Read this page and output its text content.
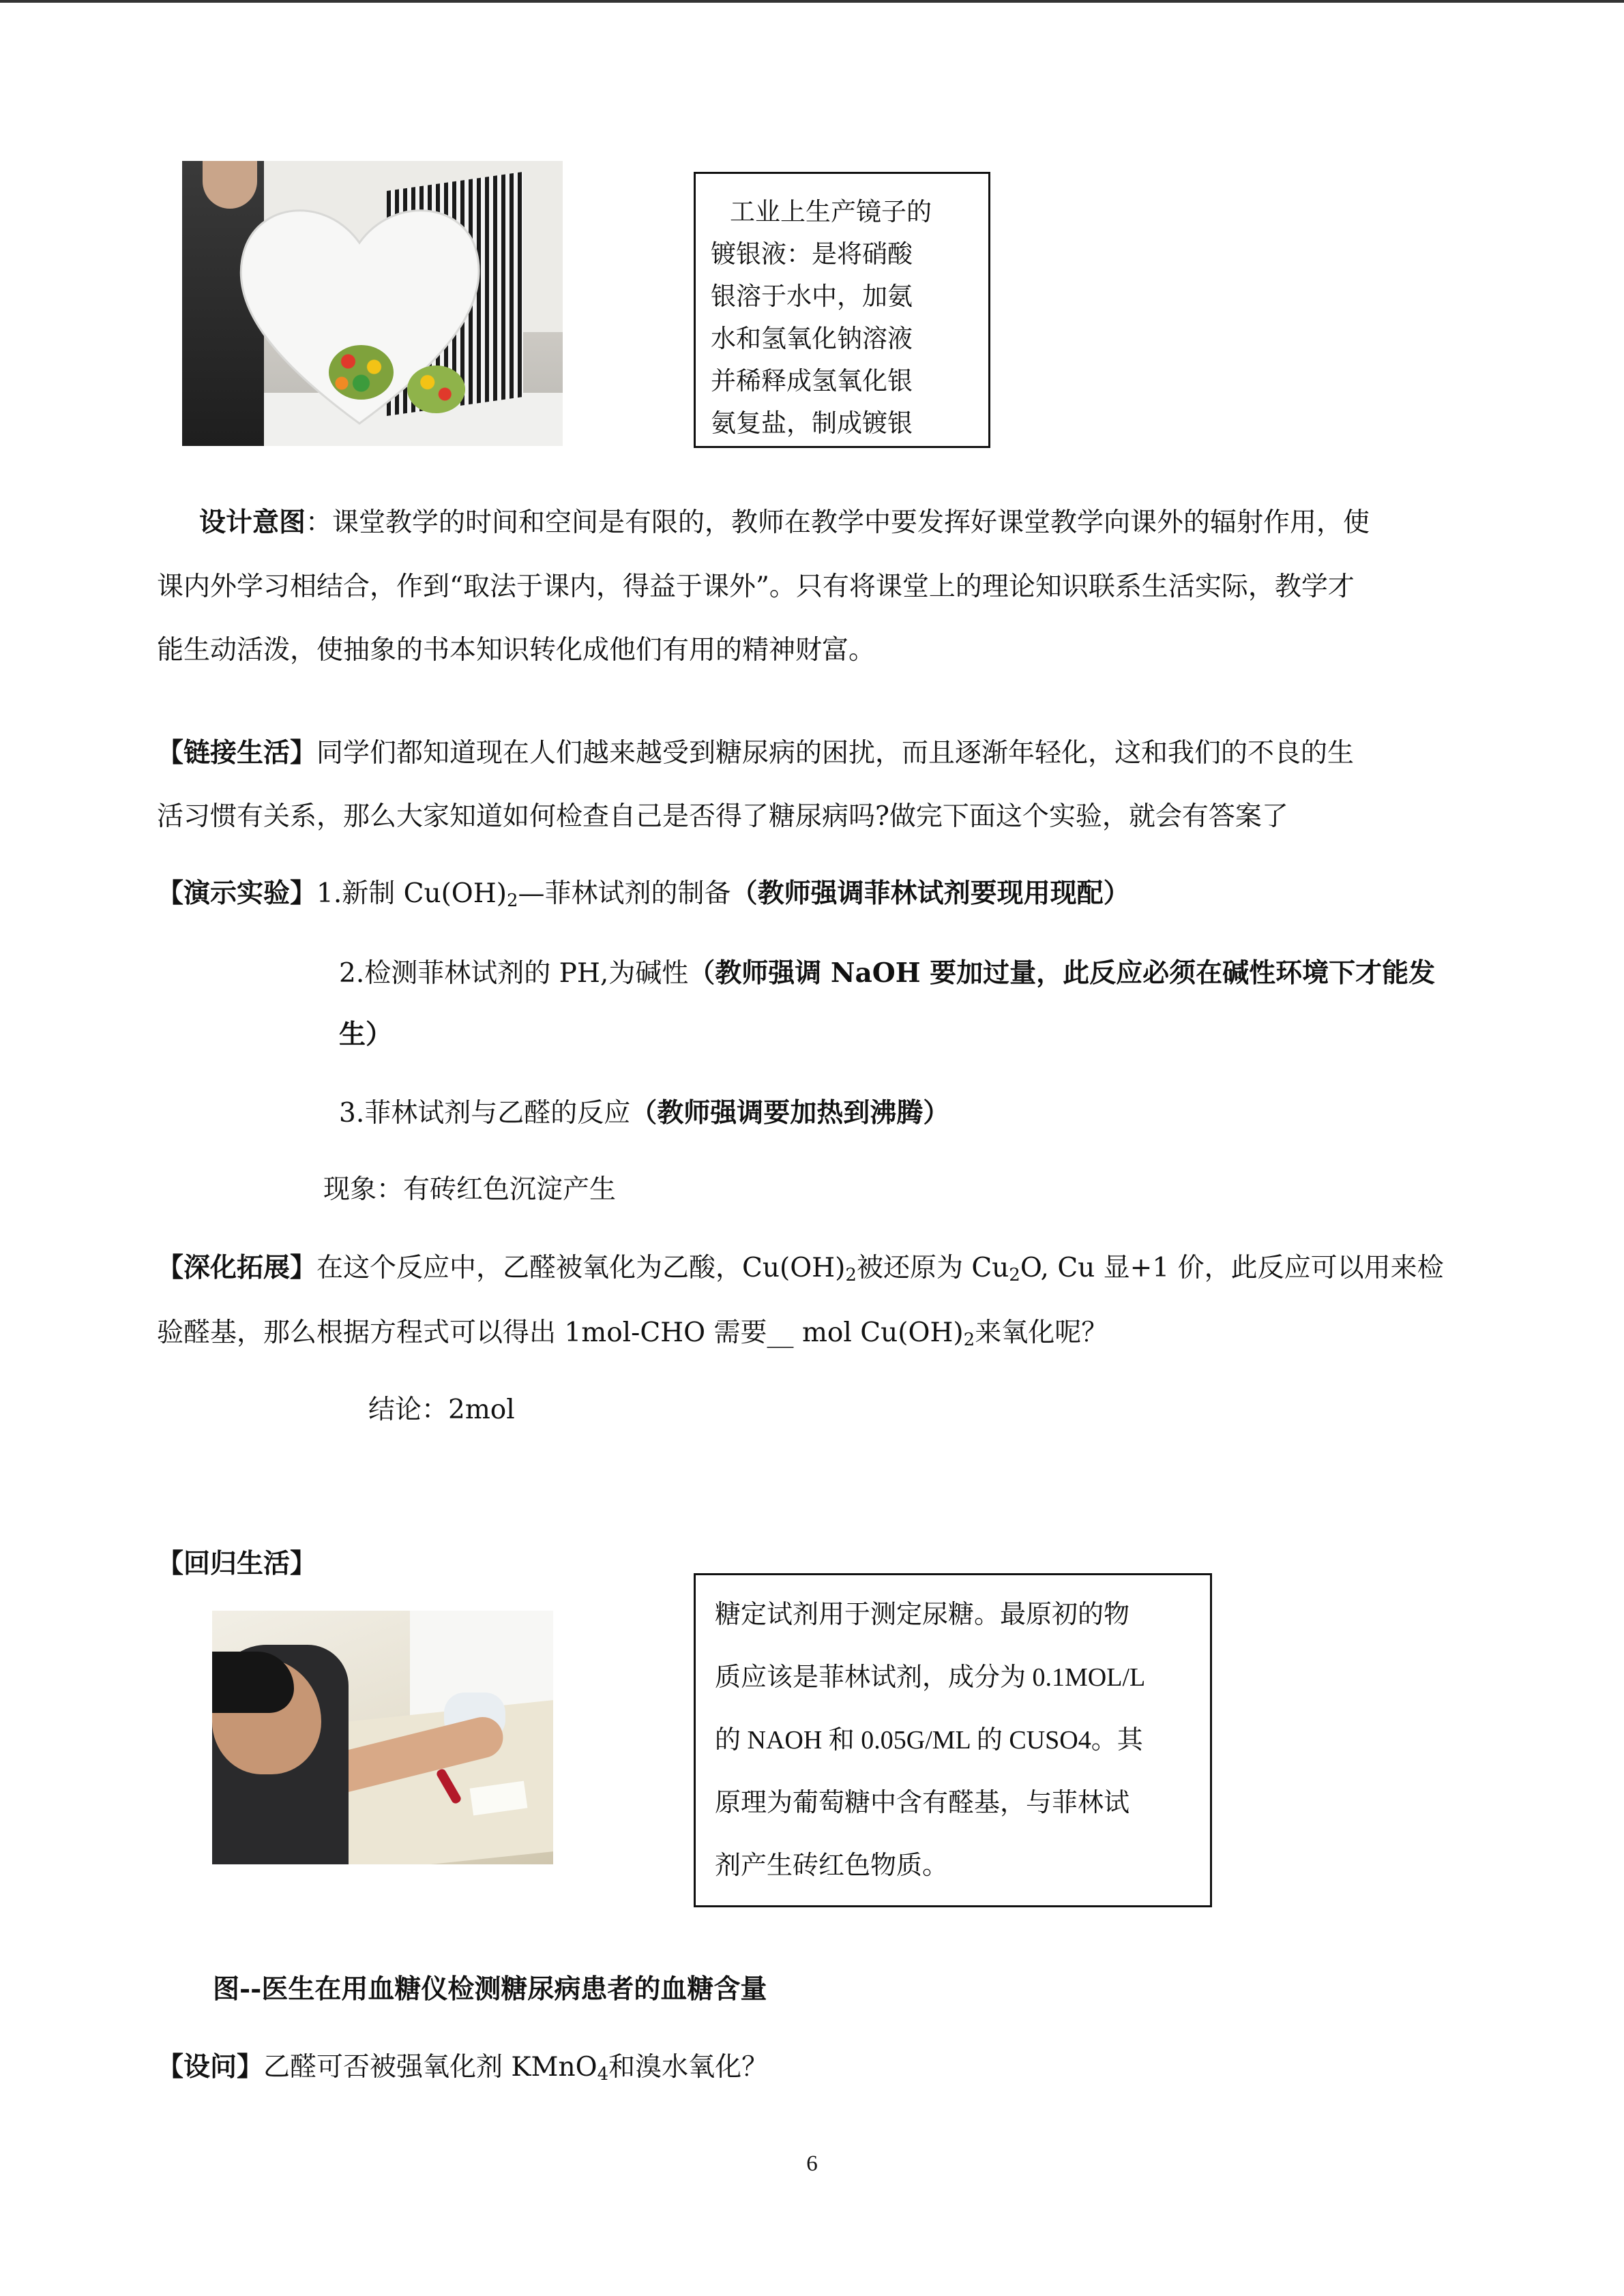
工业上生产镜子的
镀银液：是将硝酸
银溶于水中，加氨
水和氢氧化钠溶液
并稀释成氢氧化银
氨复盐，制成镀银

设计意图：课堂教学的时间和空间是有限的，教师在教学中要发挥好课堂教学向课外的辐射作用，使

课内外学习相结合，作到“取法于课内，得益于课外”。只有将课堂上的理论知识联系生活实际，教学才

能生动活泼，使抽象的书本知识转化成他们有用的精神财富。

【链接生活】同学们都知道现在人们越来越受到糖尿病的困扰，而且逐渐年轻化，这和我们的不良的生

活习惯有关系，那么大家知道如何检查自己是否得了糖尿病吗?做完下面这个实验，就会有答案了

【演示实验】1.新制 $Cu(OH)_2—$菲林试剂的制备（教师强调菲林试剂要现用现配）

2.检测菲林试剂的 PH,为碱性（教师强调 NaOH 要加过量，此反应必须在碱性环境下才能发

生）

3.菲林试剂与乙醛的反应（教师强调要加热到沸腾）

现象：有砖红色沉淀产生

【深化拓展】在这个反应中，乙醛被氧化为乙酸，$Cu(OH)_2$被还原为 $Cu_2O$, Cu 显+1 价，此反应可以用来检

验醛基，那么根据方程式可以得出 1mol-CHO 需要__ mol $Cu(OH)_2$来氧化呢？

结论：2mol

【回归生活】

糖定试剂用于测定尿糖。最原初的物
质应该是菲林试剂，成分为 0.1MOL/L
的 NAOH 和 0.05G/ML 的 CUSO4。其
原理为葡萄糖中含有醛基，与菲林试
剂产生砖红色物质。

图--医生在用血糖仪检测糖尿病患者的血糖含量

【设问】乙醛可否被强氧化剂 KMnO$_4$和溴水氧化？

6
